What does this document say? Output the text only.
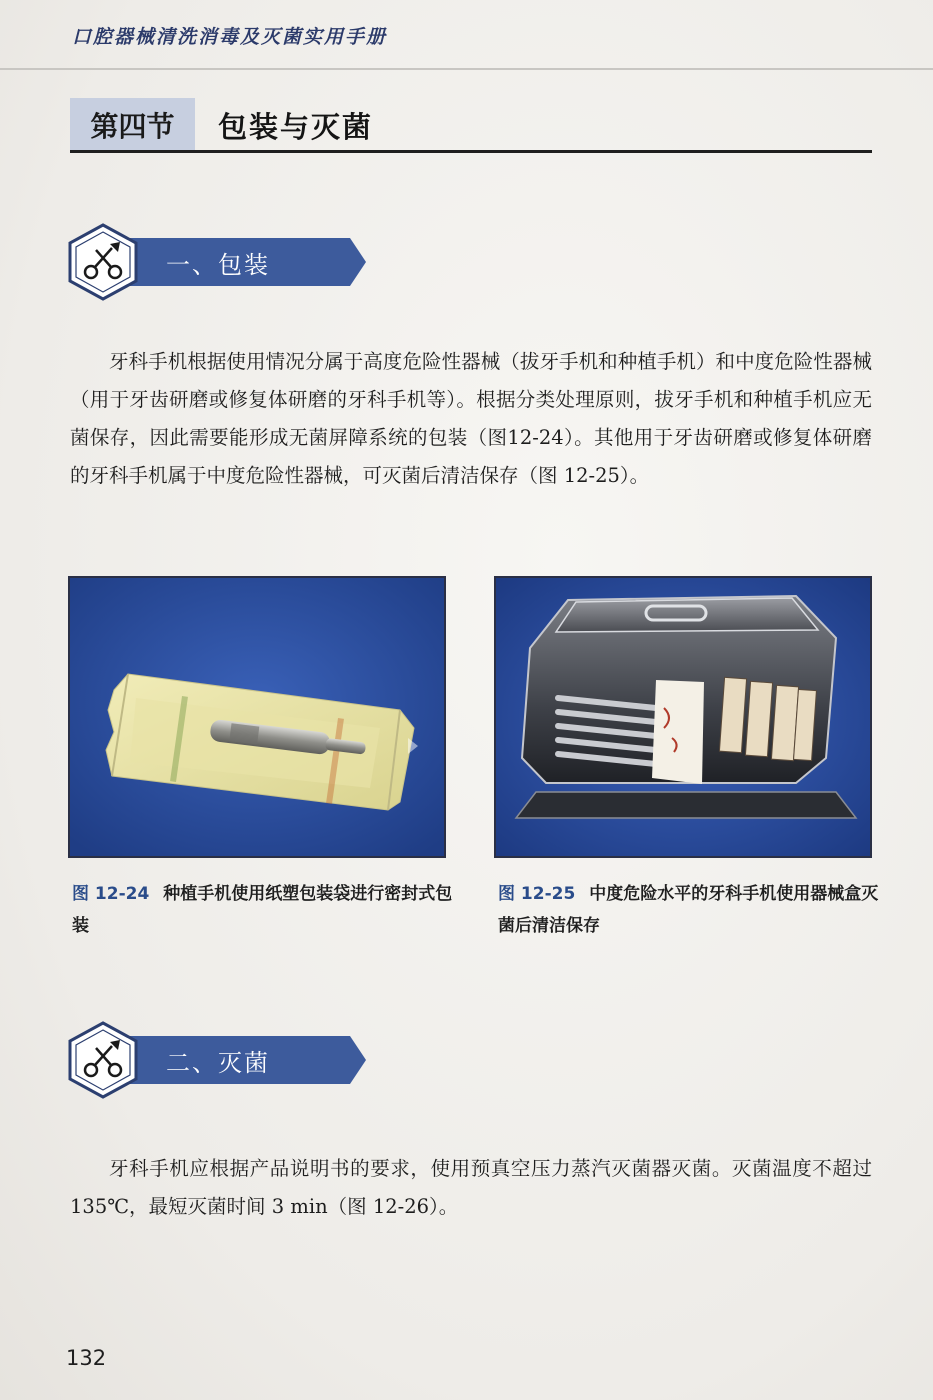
口腔器械清洗消毒及灭菌实用手册
第四节	包装与灭菌
一、包装
牙科手机根据使用情况分属于高度危险性器械（拔牙手机和种植手机）和中度危险性器械（用于牙齿研磨或修复体研磨的牙科手机等）。根据分类处理原则，拔牙手机和种植手机应无菌保存，因此需要能形成无菌屏障系统的包装（图12-24）。其他用于牙齿研磨或修复体研磨的牙科手机属于中度危险性器械，可灭菌后清洁保存（图 12-25）。
图 12-24 种植手机使用纸塑包装袋进行密封式包装
图 12-25 中度危险水平的牙科手机使用器械盒灭菌后清洁保存
二、灭菌
牙科手机应根据产品说明书的要求，使用预真空压力蒸汽灭菌器灭菌。灭菌温度不超过 135℃，最短灭菌时间 3 min（图 12-26）。
132
